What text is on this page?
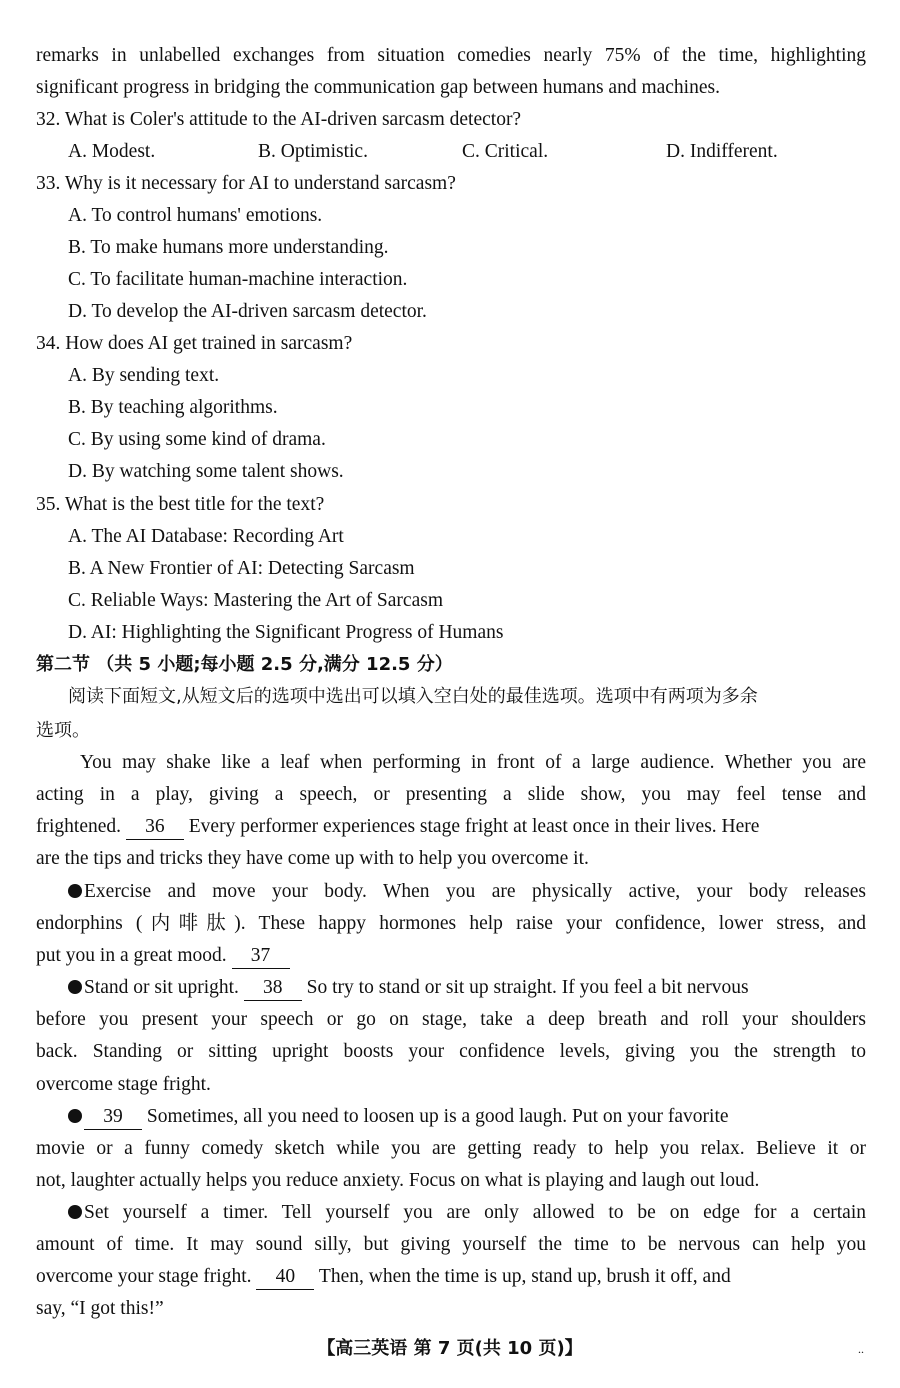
remarks in unlabelled exchanges from situation comedies nearly 75% of the time, highlighting
significant progress in bridging the communication gap between humans and machines.
32. What is Coler's attitude to the AI-driven sarcasm detector?
A. Modest.	B. Optimistic.	C. Critical.	D. Indifferent.
33. Why is it necessary for AI to understand sarcasm?
A. To control humans' emotions.
B. To make humans more understanding.
C. To facilitate human-machine interaction.
D. To develop the AI-driven sarcasm detector.
34. How does AI get trained in sarcasm?
A. By sending text.
B. By teaching algorithms.
C. By using some kind of drama.
D. By watching some talent shows.
35. What is the best title for the text?
A. The AI Database: Recording Art
B. A New Frontier of AI: Detecting Sarcasm
C. Reliable Ways: Mastering the Art of Sarcasm
D. AI: Highlighting the Significant Progress of Humans
第二节 （共 5 小题;每小题 2.5 分,满分 12.5 分）
阅读下面短文,从短文后的选项中选出可以填入空白处的最佳选项。选项中有两项为多余
选项。
You may shake like a leaf when performing in front of a large audience. Whether you are
acting in a play, giving a speech, or presenting a slide show, you may feel tense and
frightened. 36 Every performer experiences stage fright at least once in their lives. Here
are the tips and tricks they have come up with to help you overcome it.
Exercise and move your body. When you are physically active, your body releases
endorphins (内啡肽). These happy hormones help raise your confidence, lower stress, and
put you in a great mood. 37
Stand or sit upright. 38 So try to stand or sit up straight. If you feel a bit nervous
before you present your speech or go on stage, take a deep breath and roll your shoulders
back. Standing or sitting upright boosts your confidence levels, giving you the strength to
overcome stage fright.
39 Sometimes, all you need to loosen up is a good laugh. Put on your favorite
movie or a funny comedy sketch while you are getting ready to help you relax. Believe it or
not, laughter actually helps you reduce anxiety. Focus on what is playing and laugh out loud.
Set yourself a timer. Tell yourself you are only allowed to be on edge for a certain
amount of time. It may sound silly, but giving yourself the time to be nervous can help you
overcome your stage fright. 40 Then, when the time is up, stand up, brush it off, and
say, “I got this!”
【高三英语 第 7 页(共 10 页)】	..
